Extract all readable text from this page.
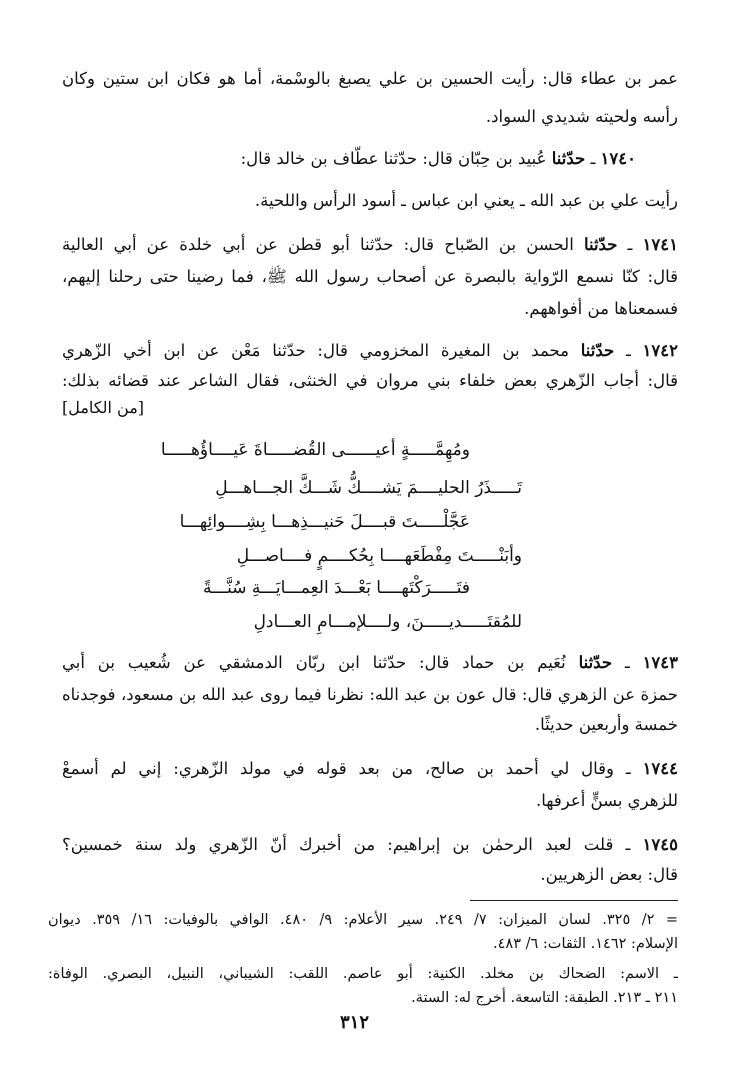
عمر بن عطاء قال: رأيت الحسين بن علي يصبغ بالوسْمة، أما هو فكان ابن ستين وكان
رأسه ولحيته شديدي السواد.
١٧٤٠ ـ حدّثنا عُبيد بن حِبّان قال: حدّثنا عطّاف بن خالد قال:
رأيت علي بن عبد الله ـ يعني ابن عباس ـ أسود الرأس واللحية.
١٧٤١ ـ حدّثنا الحسن بن الصّباح قال: حدّثنا أبو قطن عن أبي خلدة عن أبي العالية
قال: كنّا نسمع الرّواية بالبصرة عن أصحاب رسول الله ﷺ، فما رضينا حتى رحلنا إليهم،
فسمعناها من أفواههم.
١٧٤٢ ـ حدّثنا محمد بن المغيرة المخزومي قال: حدّثنا مَعْن عن ابن أخي الزّهري
قال: أجاب الزّهري بعض خلفاء بني مروان في الخنثى، فقال الشاعر عند قضائه بذلك:
[من الكامل]
ومُهِمَّـــــةٍ أعيــــــى القُضـــــاةَ عَيــــاؤُهـــــا
تَـــــذَرُ الحليــــمَ يَشــــكُّ شَـــكَّ الجـــاهـــلِ
عَجَّلْـــــتَ قبــــلَ حَنيـــذِهـــا بِشِــــوائِهـــا
وأبَنْـــــتَ مِفْطَعَهــــا بِحُكــــمٍ فــــاصـــلِ
فتَـــــرَكْتَهــــا بَعْـــدَ العِمـــايَـــةِ سُنَّـــةً
للمُقتَـــــديـــــنَ، ولــــلإمـــامِ العـــادلِ
١٧٤٣ ـ حدّثنا نُعَيم بن حماد قال: حدّثنا ابن ربّان الدمشقي عن شُعيب بن أبي
حمزة عن الزهري قال: قال عون بن عبد الله: نظرنا فيما روى عبد الله بن مسعود، فوجدناه
خمسة وأربعين حديثًا.
١٧٤٤ ـ وقال لي أحمد بن صالح، من بعد قوله في مولد الزّهري: إني لم أسمعْ
للزهري بسنٍّ أعرفها.
١٧٤٥ ـ قلت لعبد الرحمٰن بن إبراهيم: من أخبرك أنّ الزّهري ولد سنة خمسين؟
قال: بعض الزهريين.
= ٢/ ٣٢٥. لسان الميزان: ٧/ ٢٤٩. سير الأعلام: ٩/ ٤٨٠. الوافي بالوفيات: ١٦/ ٣٥٩. ديوان
الإسلام: ١٤٦٢. الثقات: ٦/ ٤٨٣.
ـ الاسم: الضحاك بن مخلد. الكنية: أبو عاصم. اللقب: الشيباني، النبيل، البصري. الوفاة:
٢١١ ـ ٢١٣. الطبقة: التاسعة. أخرج له: الستة.
٣١٢
